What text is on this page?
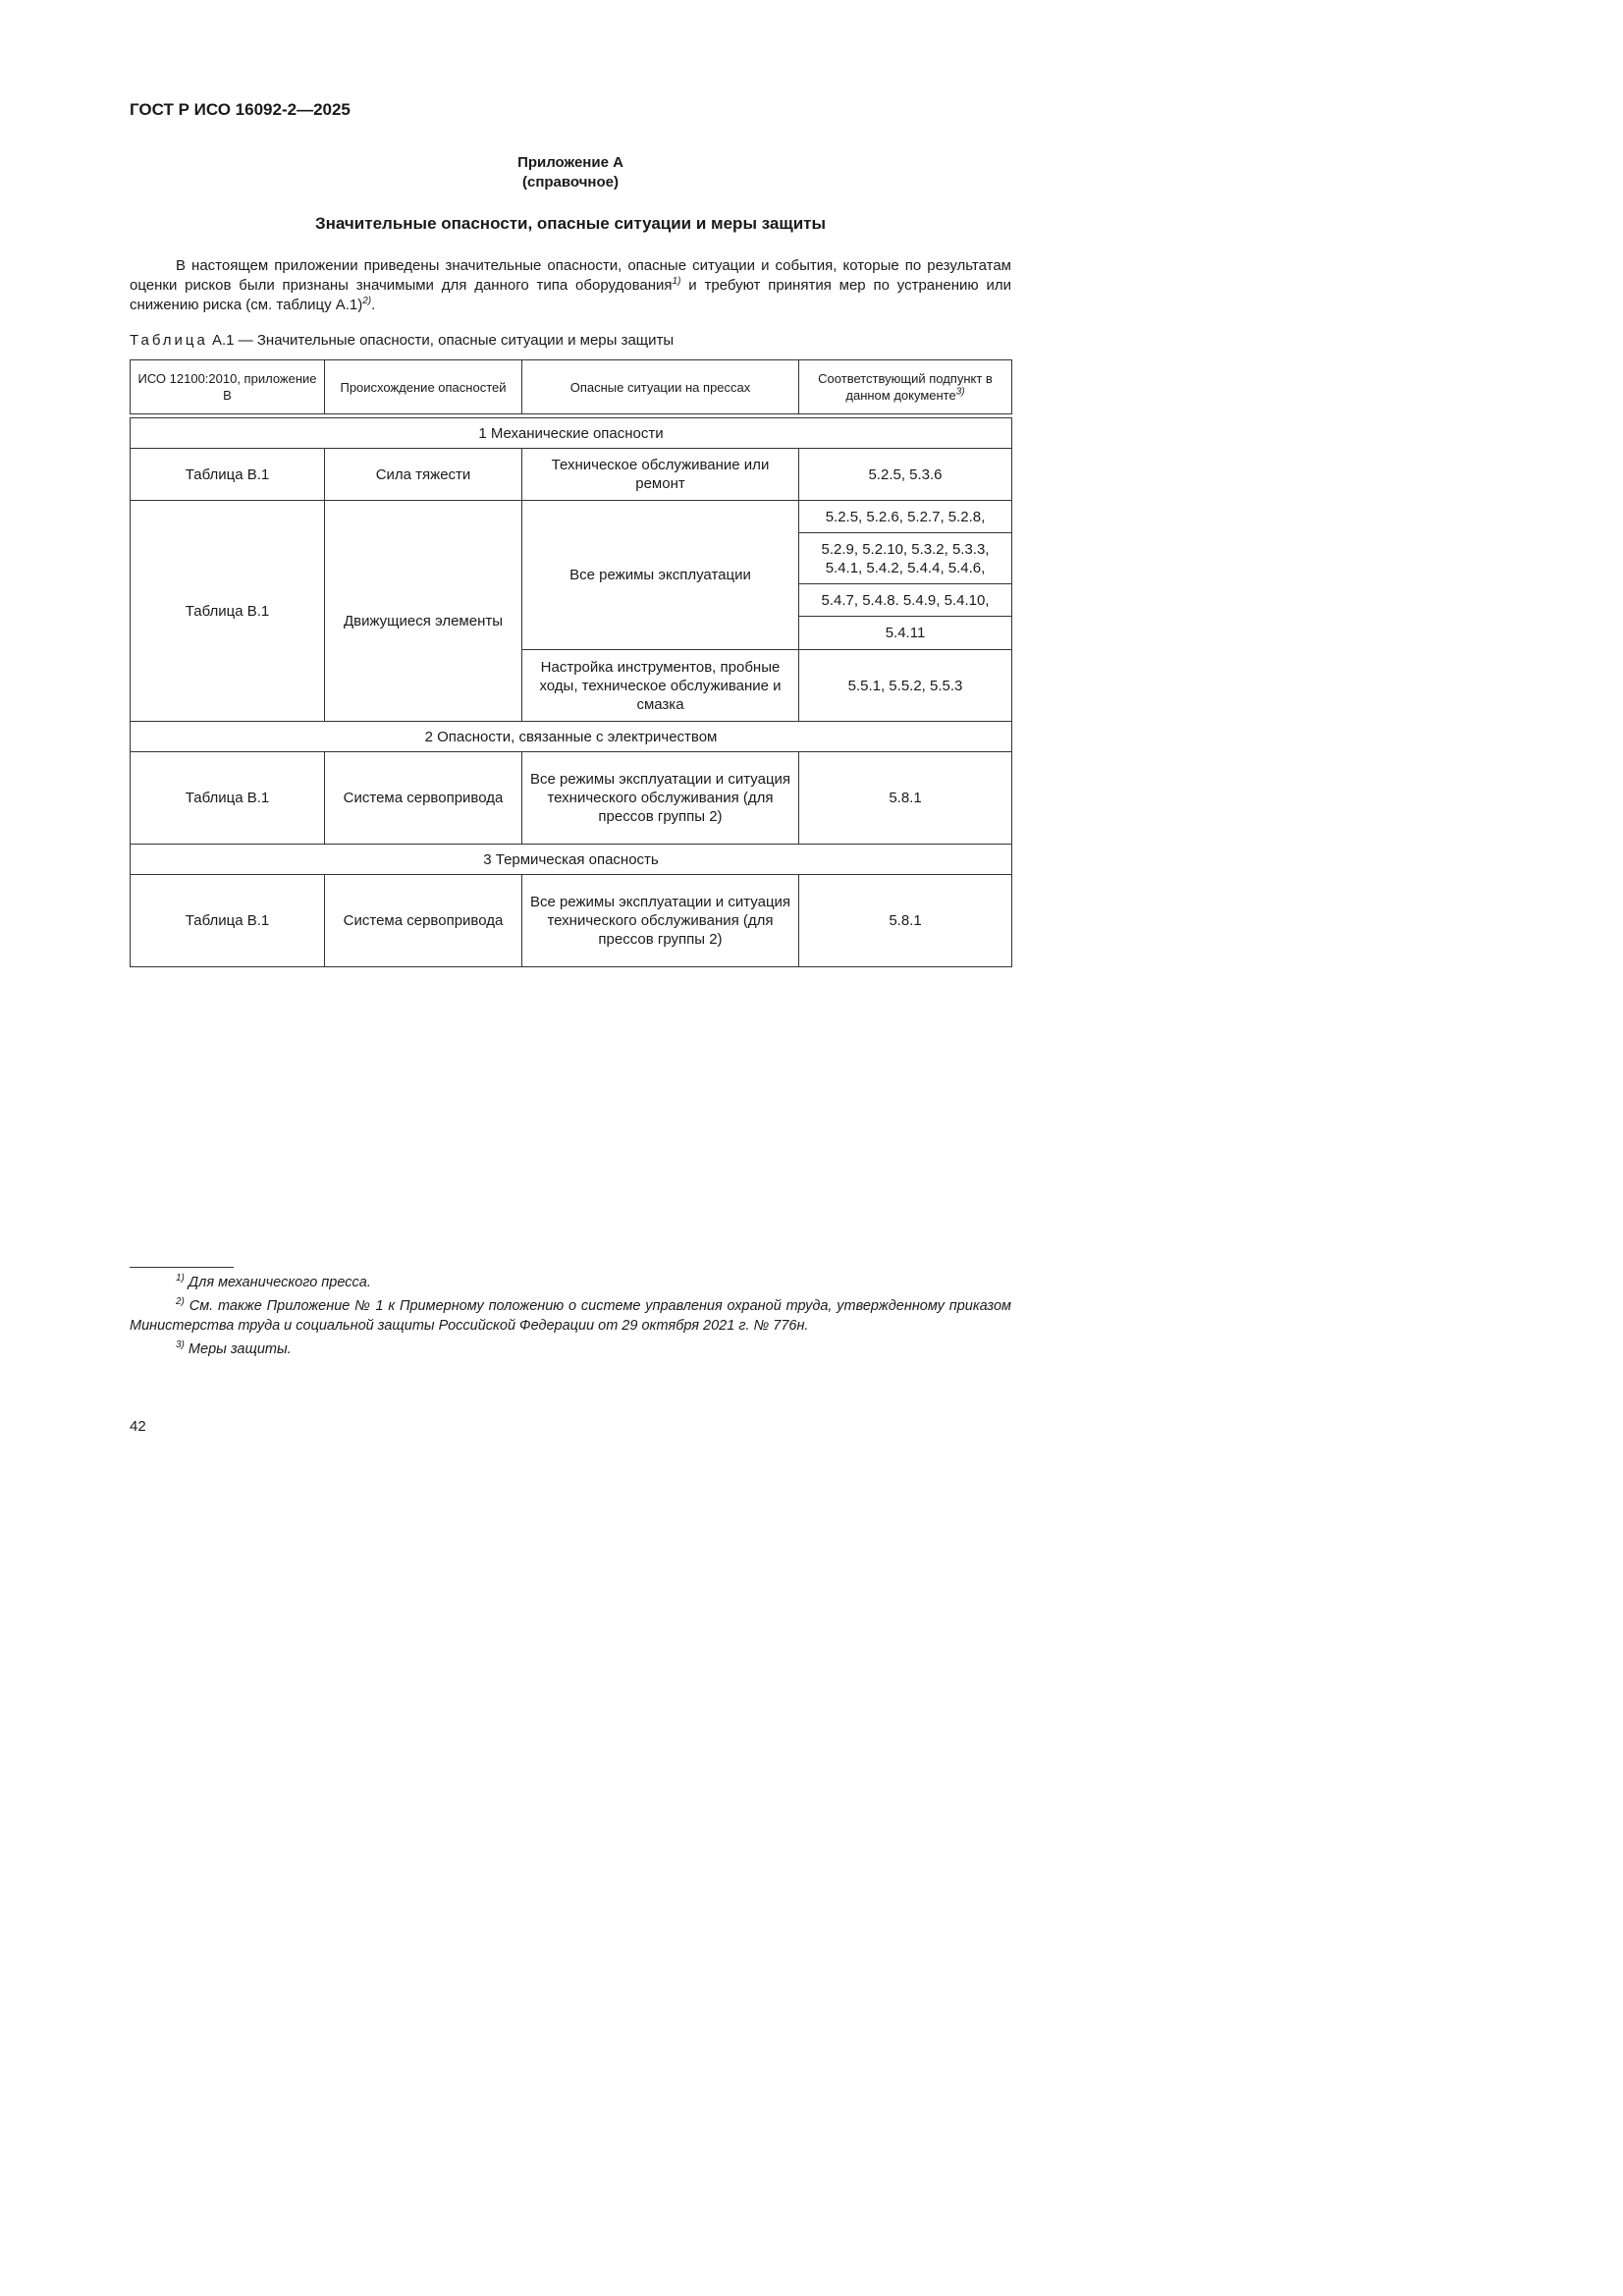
ГОСТ Р ИСО 16092-2—2025
Приложение А
(справочное)
Значительные опасности, опасные ситуации и меры защиты

В настоящем приложении приведены значительные опасности, опасные ситуации и события, которые по результатам оценки рисков были признаны значимыми для данного типа оборудования$^{1)}$ и требуют принятия мер по устранению или снижению риска (см. таблицу А.1)$^{2)}$.

Таблица А.1 — Значительные опасности, опасные ситуации и меры защиты
ИСО 12100:2010, приложение В	Происхождение опасностей	Опасные ситуации на прессах	Соответствующий подпункт в данном документе$^{3)}$

1 Механические опасности			
Таблица В.1	Сила тяжести	Техническое обслуживание или ремонт	5.2.5, 5.3.6
Таблица В.1	Движущиеся элементы	Все режимы эксплуатации	5.2.5, 5.2.6, 5.2.7, 5.2.8,
			5.2.9, 5.2.10, 5.3.2, 5.3.3, 5.4.1, 5.4.2, 5.4.4, 5.4.6,
			5.4.7, 5.4.8. 5.4.9, 5.4.10,
			5.4.11
		Настройка инструментов, пробные ходы, техническое обслуживание и смазка	5.5.1, 5.5.2, 5.5.3
2 Опасности, связанные с электричеством			
Таблица В.1	Система сервопривода	Все режимы эксплуатации и ситуация технического обслуживания (для прессов группы 2)	5.8.1
3 Термическая опасность			
Таблица В.1	Система сервопривода	Все режимы эксплуатации и ситуация технического обслуживания (для прессов группы 2)	5.8.1

$^{1)}$ Для механического пресса.

$^{2)}$ См. также Приложение № 1 к Примерному положению о системе управления охраной труда, утвержденному приказом Министерства труда и социальной защиты Российской Федерации от 29 октября 2021 г. № 776н.

$^{3)}$ Меры защиты.

42
